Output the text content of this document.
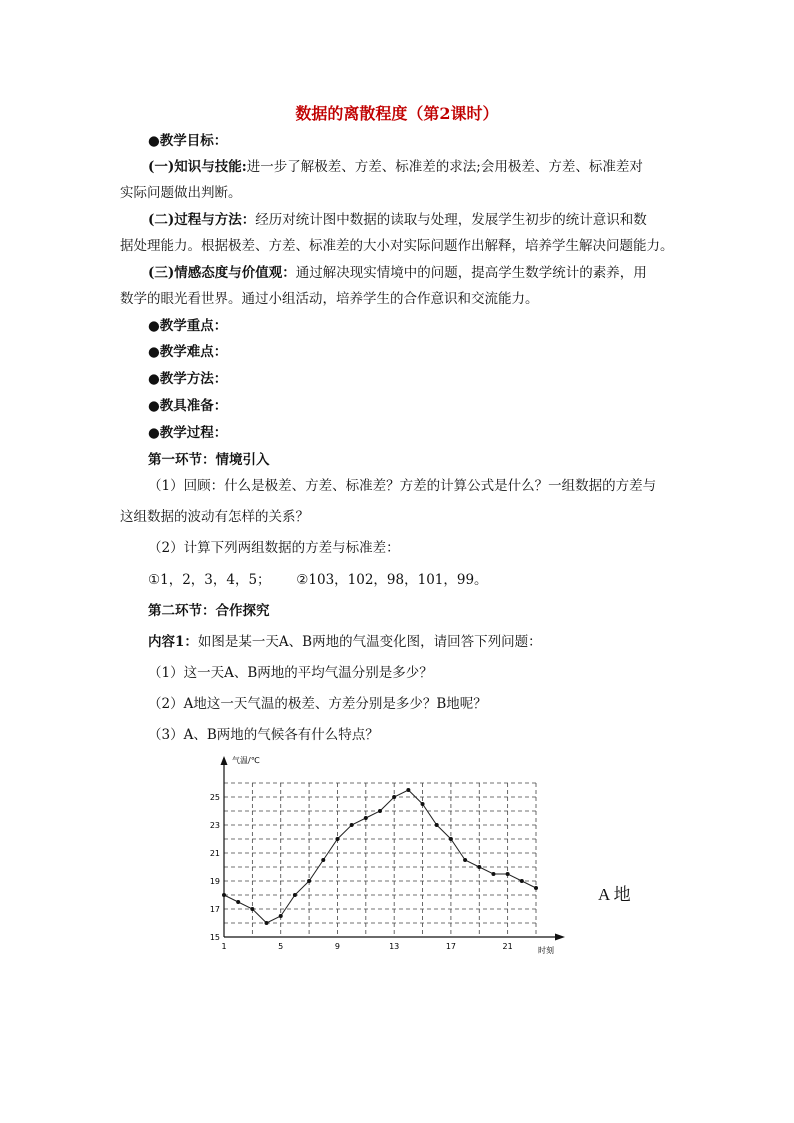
数据的离散程度（第2课时）
●教学目标：
(一)知识与技能:进一步了解极差、方差、标准差的求法;会用极差、方差、标准差对
实际问题做出判断。
(二)过程与方法：经历对统计图中数据的读取与处理，发展学生初步的统计意识和数
据处理能力。根据极差、方差、标准差的大小对实际问题作出解释，培养学生解决问题能力。
(三)情感态度与价值观：通过解决现实情境中的问题，提高学生数学统计的素养，用
数学的眼光看世界。通过小组活动，培养学生的合作意识和交流能力。
●教学重点：
●教学难点：
●教学方法：
●教具准备：
●教学过程：
第一环节：情境引入
（1）回顾：什么是极差、方差、标准差？方差的计算公式是什么？一组数据的方差与
这组数据的波动有怎样的关系？
（2）计算下列两组数据的方差与标准差：
①1，2，3，4，5；      ②103，102，98，101，99。
第二环节：合作探究
内容1：如图是某一天A、B两地的气温变化图，请回答下列问题：
（1）这一天A、B两地的平均气温分别是多少？
（2）A地这一天气温的极差、方差分别是多少？B地呢？
（3）A、B两地的气候各有什么特点？
15
17
19
21
23
25
1	5	9	13	17	21
气温/℃
时刻
A 地
